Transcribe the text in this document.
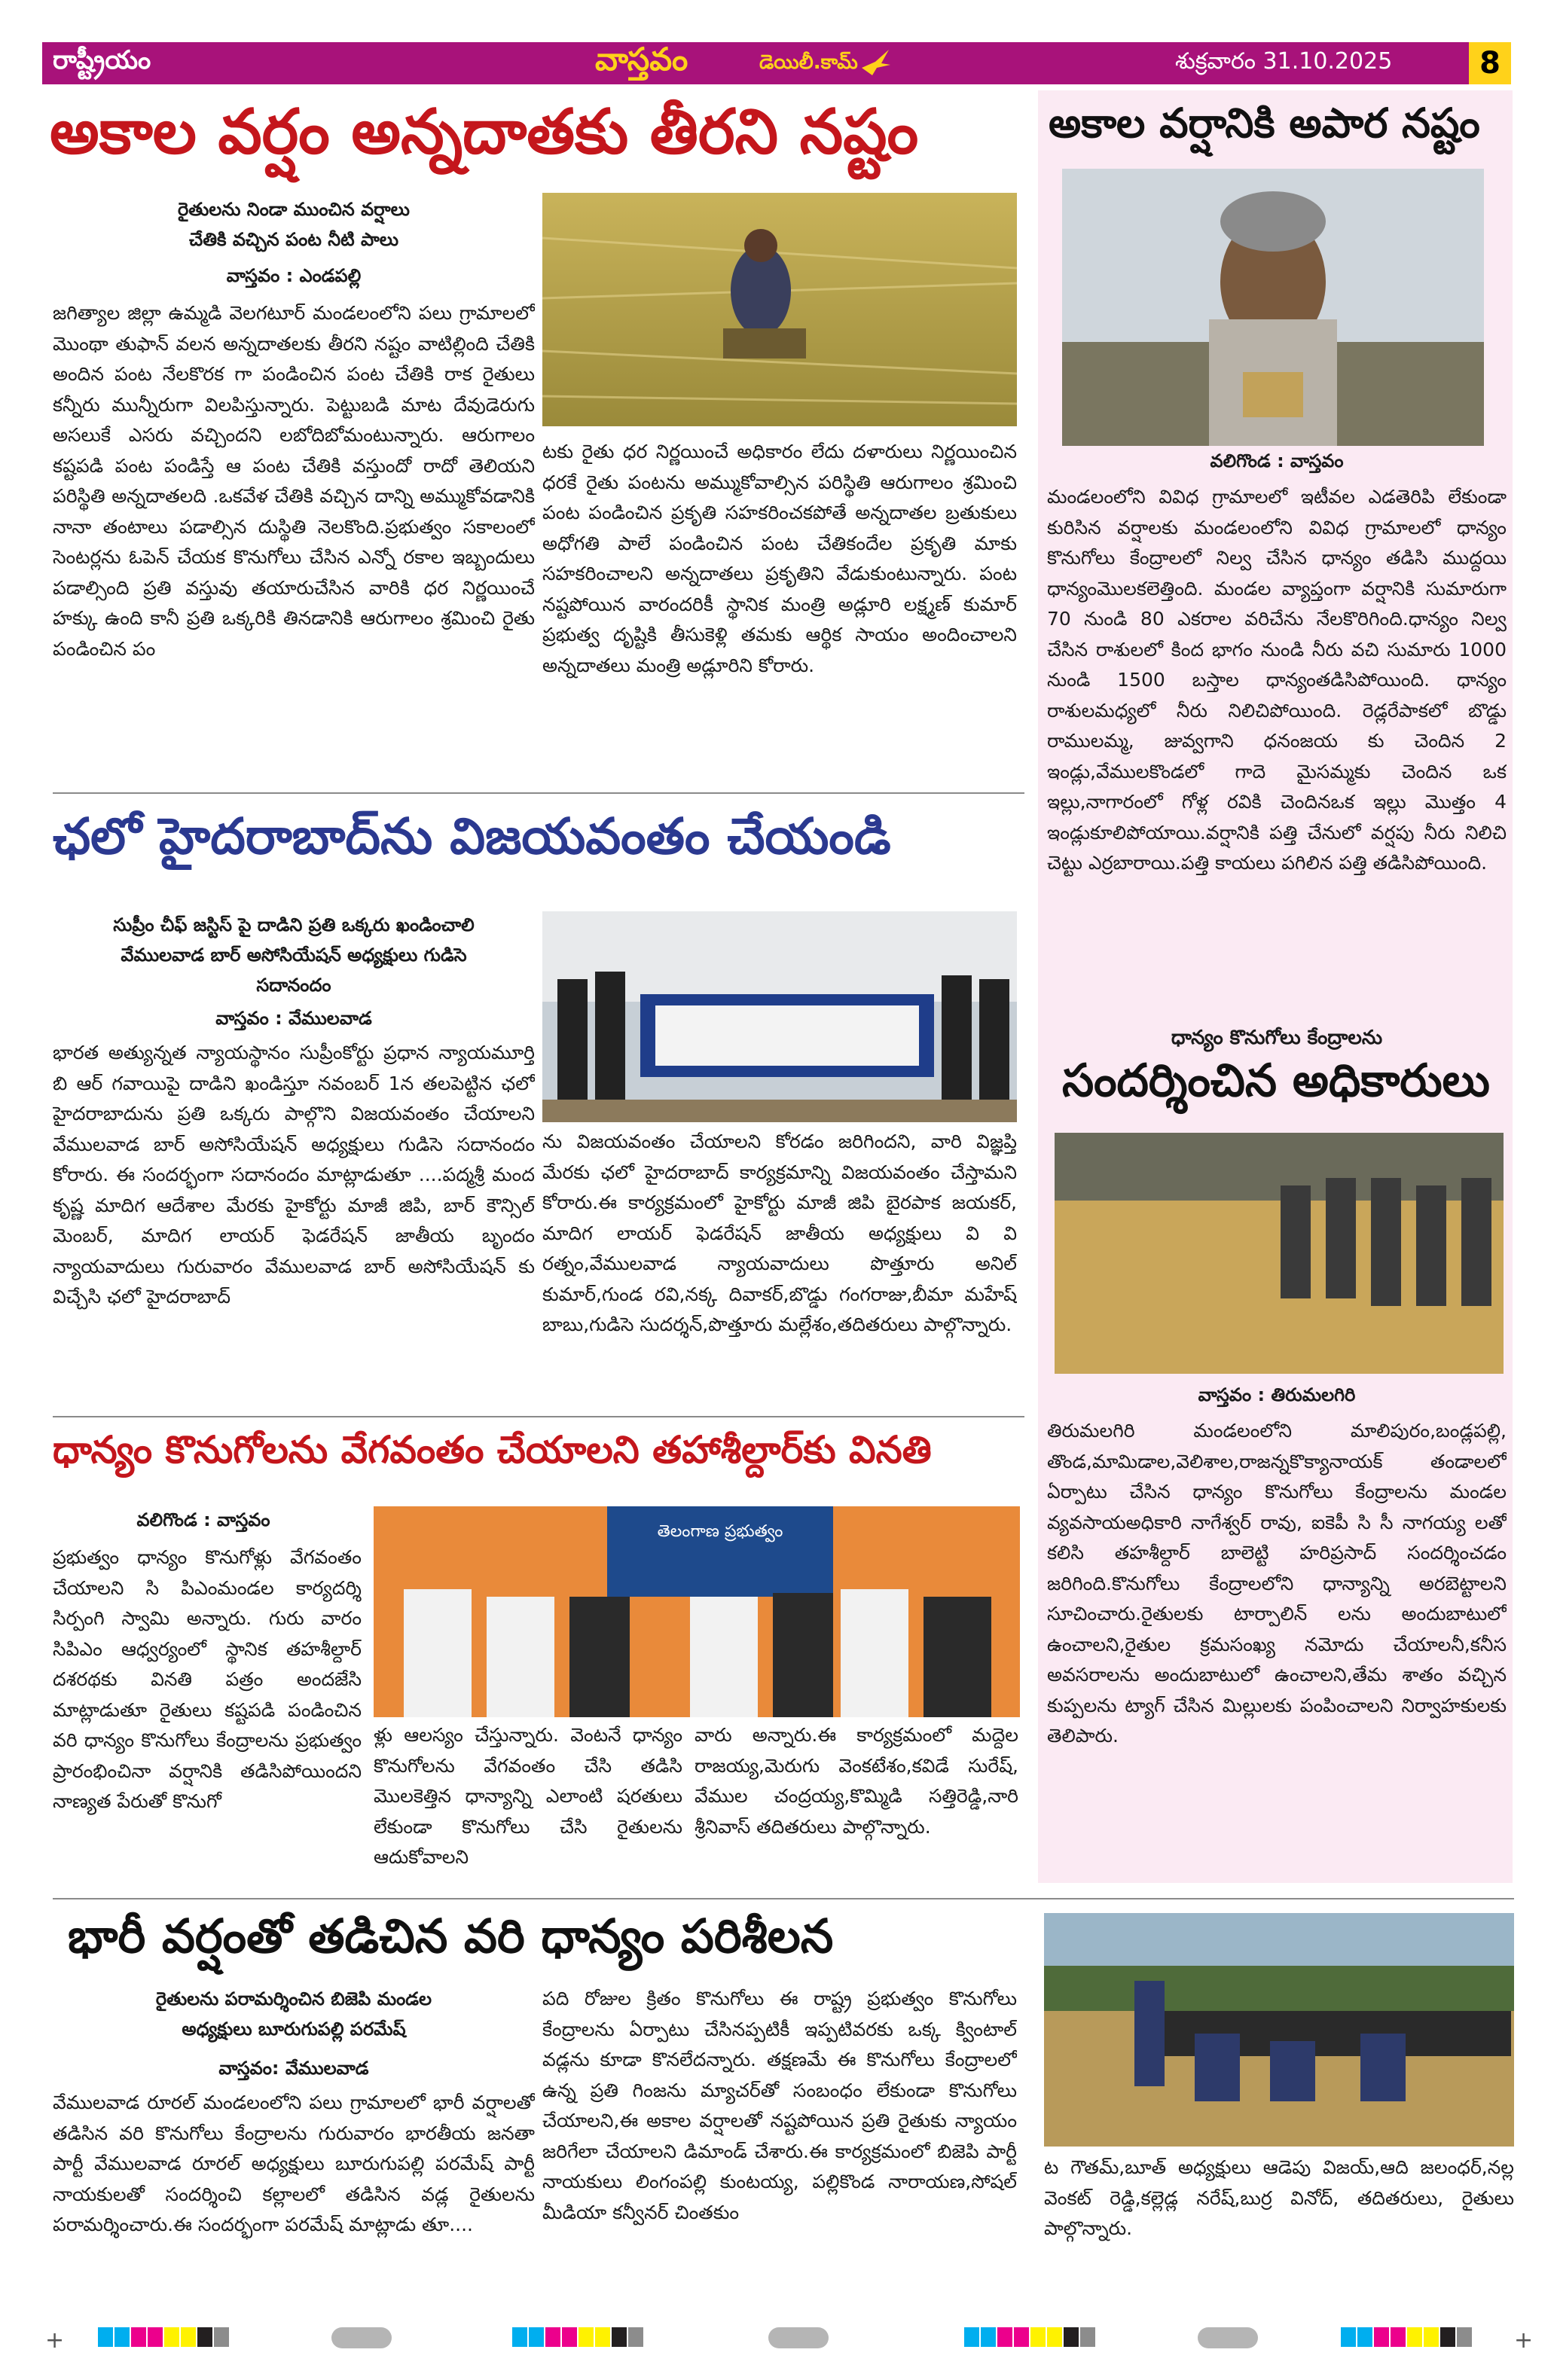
రాష్ట్రీయం	వాస్తవం	డెయిలీ.కామ్	శుక్రవారం 31.10.2025	8
అకాల వర్షం అన్నదాతకు తీరని నష్టం
రైతులను నిండా ముంచిన వర్షాలు
చేతికి వచ్చిన పంట నీటి పాలు
వాస్తవం : ఎండపల్లి
జగిత్యాల జిల్లా ఉమ్మడి వెలగటూర్ మండలంలోని పలు గ్రామాలలో మొంథా తుఫాన్ వలన అన్నదాతలకు తీరని నష్టం వాటిల్లింది చేతికి అందిన పంట నేలకొరక గా పండించిన పంట చేతికి రాక రైతులు కన్నీరు మున్నీరుగా విలపిస్తున్నారు. పెట్టుబడి మాట దేవుడెరుగు అసలుకే ఎసరు వచ్చిందని లబోదిబోమంటున్నారు. ఆరుగాలం కష్టపడి పంట పండిస్తే ఆ పంట చేతికి వస్తుందో రాదో తెలియని పరిస్థితి అన్నదాతలది .ఒకవేళ చేతికి వచ్చిన దాన్ని అమ్ముకోవడానికి నానా తంటాలు పడాల్సిన దుస్థితి నెలకొంది.ప్రభుత్వం సకాలంలో సెంటర్లను ఓపెన్ చేయక కొనుగోలు చేసిన ఎన్నో రకాల ఇబ్బందులు పడాల్సింది ప్రతి వస్తువు తయారుచేసిన వారికి ధర నిర్ణయించే హక్కు ఉంది కానీ ప్రతి ఒక్కరికి తినడానికి ఆరుగాలం శ్రమించి రైతు పండించిన పం
టకు రైతు ధర నిర్ణయించే అధికారం లేదు దళారులు నిర్ణయించిన ధరకే రైతు పంటను అమ్ముకోవాల్సిన పరిస్థితి ఆరుగాలం శ్రమించి పంట పండించిన ప్రకృతి సహకరించకపోతే అన్నదాతల బ్రతుకులు అధోగతి పాలే పండించిన పంట చేతికందేల ప్రకృతి మాకు సహకరించాలని అన్నదాతలు ప్రకృతిని వేడుకుంటున్నారు. పంట నష్టపోయిన వారందరికీ స్థానిక మంత్రి అడ్లూరి లక్ష్మణ్ కుమార్ ప్రభుత్వ దృష్టికి తీసుకెళ్లి తమకు ఆర్థిక సాయం అందించాలని అన్నదాతలు మంత్రి అడ్లూరిని కోరారు.
ఛలో హైదరాబాద్‌ను విజయవంతం చేయండి
సుప్రీం చీఫ్ జస్టిస్ పై దాడిని ప్రతి ఒక్కరు ఖండించాలి
వేములవాడ బార్ అసోసియేషన్ అధ్యక్షులు గుడిసె
సదానందం
వాస్తవం : వేములవాడ
భారత అత్యున్నత న్యాయస్థానం సుప్రీంకోర్టు ప్రధాన న్యాయమూర్తి బి ఆర్ గవాయిపై దాడిని ఖండిస్తూ నవంబర్ 1న తలపెట్టిన ఛలో హైదరాబాదును ప్రతి ఒక్కరు పాల్గొని విజయవంతం చేయాలని వేములవాడ బార్ అసోసియేషన్ అధ్యక్షులు గుడిసె సదానందం కోరారు. ఈ సందర్భంగా సదానందం మాట్లాడుతూ ....పద్మశ్రీ మంద కృష్ణ మాదిగ ఆదేశాల మేరకు హైకోర్టు మాజీ జిపి, బార్ కౌన్సిల్ మెంబర్, మాదిగ లాయర్ ఫెడరేషన్ జాతీయ బృందం న్యాయవాదులు గురువారం వేములవాడ బార్ అసోసియేషన్ కు విచ్చేసి ఛలో హైదరాబాద్
ను విజయవంతం చేయాలని కోరడం జరిగిందని, వారి విజ్ఞప్తి మేరకు ఛలో హైదరాబాద్ కార్యక్రమాన్ని విజయవంతం చేస్తామని కోరారు.ఈ కార్యక్రమంలో హైకోర్టు మాజీ జిపి బైరపాక జయకర్, మాదిగ లాయర్ ఫెడరేషన్ జాతీయ అధ్యక్షులు వి వి రత్నం,వేములవాడ న్యాయవాదులు పొత్తూరు అనిల్ కుమార్,గుండ రవి,నక్క దివాకర్,బొడ్డు గంగరాజు,బీమా మహేష్ బాబు,గుడిసె సుదర్శన్,పొత్తూరు మల్లేశం,తదితరులు పాల్గొన్నారు.
ధాన్యం కొనుగోలను వేగవంతం చేయాలని తహాశీల్దార్‌కు వినతి
వలిగొండ : వాస్తవం
ప్రభుత్వం ధాన్యం కొనుగోళ్లు వేగవంతం చేయాలని సి పిఎంమండల కార్యదర్శి సిర్పంగి స్వామి అన్నారు. గురు వారం సిపిఎం ఆధ్వర్యంలో స్థానిక తహశీల్దార్ దశరథకు వినతి పత్రం అందజేసి మాట్లాడుతూ రైతులు కష్టపడి పండించిన వరి ధాన్యం కొనుగోలు కేంద్రాలను ప్రభుత్వం ప్రారంభించినా వర్షానికి తడిసిపోయిందని నాణ్యత పేరుతో కొనుగో
తెలంగాణ ప్రభుత్వం
ళ్లు ఆలస్యం చేస్తున్నారు. వెంటనే ధాన్యం కొనుగోలను వేగవంతం చేసి తడిసి మొలకెత్తిన ధాన్యాన్ని ఎలాంటి షరతులు లేకుండా కొనుగోలు చేసి రైతులను ఆదుకోవాలని
వారు అన్నారు.ఈ కార్యక్రమంలో మద్దెల రాజయ్య,మెరుగు వెంకటేశం,కవిడే సురేష్, వేముల చంద్రయ్య,కొమ్మిడి సత్తిరెడ్డి,నారి శ్రీనివాస్ తదితరులు పాల్గొన్నారు.
అకాల వర్షానికి అపార నష్టం
వలిగొండ : వాస్తవం
మండలంలోని వివిధ గ్రామాలలో ఇటీవల ఎడతెరిపి లేకుండా కురిసిన వర్షాలకు మండలంలోని వివిధ గ్రామాలలో ధాన్యం కొనుగోలు కేంద్రాలలో నిల్వ చేసిన ధాన్యం తడిసి ముద్దయి ధాన్యంమొలకలెత్తింది. మండల వ్యాప్తంగా వర్షానికి సుమారుగా 70 నుండి 80 ఎకరాల వరిచేను నేలకొరిగింది.ధాన్యం నిల్వ చేసిన రాశులలో కింద భాగం నుండి నీరు వచి సుమారు 1000 నుండి 1500 బస్తాల ధాన్యంతడిసిపోయింది. ధాన్యం రాశులమధ్యలో నీరు నిలిచిపోయింది. రెడ్లరేపాకలో బొడ్డు రాములమ్మ, జువ్వగాని ధనంజయ కు చెందిన 2 ఇండ్లు,వేములకొండలో గాదె మైసమ్మకు చెందిన ఒక ఇల్లు,నాగారంలో గోళ్ల రవికి చెందినఒక ఇల్లు మొత్తం 4 ఇండ్లుకూలిపోయాయి.వర్షానికి పత్తి చేనులో వర్షపు నీరు నిలిచి చెట్టు ఎర్రబారాయి.పత్తి కాయలు పగిలిన పత్తి తడిసిపోయింది.
ధాన్యం కొనుగోలు కేంద్రాలను
సందర్శించిన అధికారులు
వాస్తవం : తిరుమలగిరి
తిరుమలగిరి మండలంలోని మాలిపురం,బండ్లపల్లి, తొండ,మామిడాల,వెలిశాల,రాజన్నకొక్యానాయక్ తండాలలో ఏర్పాటు చేసిన ధాన్యం కొనుగోలు కేంద్రాలను మండల వ్యవసాయఅధికారి నాగేశ్వర్ రావు, ఐకెపీ సి సీ నాగయ్య లతో కలిసి తహశీల్దార్ బాలెట్టి హరిప్రసాద్ సందర్శించడం జరిగింది.కొనుగోలు కేంద్రాలలోని ధాన్యాన్ని అరబెట్టాలని సూచించారు.రైతులకు టార్పాలిన్ లను అందుబాటులో ఉంచాలని,రైతుల క్రమసంఖ్య నమోదు చేయాలనీ,కనీస అవసరాలను అందుబాటులో ఉంచాలని,తేమ శాతం వచ్చిన కుప్పలను ట్యాగ్ చేసిన మిల్లులకు పంపించాలని నిర్వాహకులకు తెలిపారు.
భారీ వర్షంతో తడిచిన వరి ధాన్యం పరిశీలన
రైతులను పరామర్శించిన బిజెపి మండల
అధ్యక్షులు బూరుగుపల్లి పరమేష్
వాస్తవం: వేములవాడ
వేములవాడ రూరల్ మండలంలోని పలు గ్రామాలలో భారీ వర్షాలతో తడిసిన వరి కొనుగోలు కేంద్రాలను గురువారం భారతీయ జనతా పార్టీ వేములవాడ రూరల్ అధ్యక్షులు బూరుగుపల్లి పరమేష్ పార్టీ నాయకులతో సందర్శించి కల్లాలలో తడిసిన వడ్ల రైతులను పరామర్శించారు.ఈ సందర్భంగా పరమేష్ మాట్లాడు తూ....
పది రోజుల క్రితం కొనుగోలు ఈ రాష్ట్ర ప్రభుత్వం కొనుగోలు కేంద్రాలను ఏర్పాటు చేసినప్పటికీ ఇప్పటివరకు ఒక్క క్వింటాల్ వడ్లను కూడా కొనలేదన్నారు. తక్షణమే ఈ కొనుగోలు కేంద్రాలలో ఉన్న ప్రతి గింజను మ్యాచర్‌తో సంబంధం లేకుండా కొనుగోలు చేయాలని,ఈ అకాల వర్షాలతో నష్టపోయిన ప్రతి రైతుకు న్యాయం జరిగేలా చేయాలని డిమాండ్ చేశారు.ఈ కార్యక్రమంలో బిజెపి పార్టీ నాయకులు లింగంపల్లి కుంటయ్య, పల్లికొండ నారాయణ,సోషల్ మీడియా కన్వీనర్ చింతకుం
ట గౌతమ్,బూత్ అధ్యక్షులు ఆడెపు విజయ్,ఆది జలంధర్,నల్ల వెంకట్ రెడ్డి,కల్లెడ్ల నరేష్,బుర్ర వినోద్, తదితరులు, రైతులు పాల్గొన్నారు.
+	+
